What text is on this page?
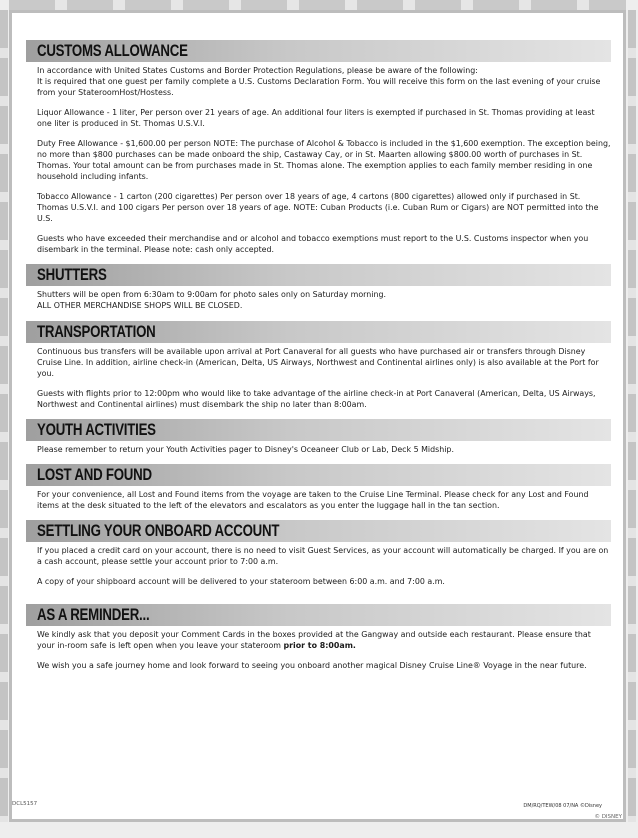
CUSTOMS ALLOWANCE

In accordance with United States Customs and Border Protection Regulations, please be aware of the following:

It is required that one guest per family complete a U.S. Customs Declaration Form. You will receive this form on the last evening of your cruise from your StateroomHost/Hostess.

Liquor Allowance - 1 liter, Per person over 21 years of age. An additional four liters is exempted if purchased in St. Thomas providing at least one liter is produced in St. Thomas U.S.V.I.

Duty Free Allowance - $1,600.00 per person NOTE: The purchase of Alcohol & Tobacco is included in the $1,600 exemption. The exception being, no more than $800 purchases can be made onboard the ship, Castaway Cay, or in St. Maarten allowing $800.00 worth of purchases in St. Thomas. Your total amount can be from purchases made in St. Thomas alone. The exemption applies to each family member residing in one household including infants.

Tobacco Allowance - 1 carton (200 cigarettes) Per person over 18 years of age, 4 cartons (800 cigarettes) allowed only if purchased in St. Thomas U.S.V.I. and 100 cigars Per person over 18 years of age. NOTE: Cuban Products (i.e. Cuban Rum or Cigars) are NOT permitted into the U.S.

Guests who have exceeded their merchandise and or alcohol and tobacco exemptions must report to the U.S. Customs inspector when you disembark in the terminal. Please note: cash only accepted.

SHUTTERS

Shutters will be open from 6:30am to 9:00am for photo sales only on Saturday morning.

ALL OTHER MERCHANDISE SHOPS WILL BE CLOSED.

TRANSPORTATION

Continuous bus transfers will be available upon arrival at Port Canaveral for all guests who have purchased air or transfers through Disney Cruise Line. In addition, airline check-in (American, Delta, US Airways, Northwest and Continental airlines only) is also available at the Port for you.

Guests with flights prior to 12:00pm who would like to take advantage of the airline check-in at Port Canaveral (American, Delta, US Airways, Northwest and Continental airlines) must disembark the ship no later than 8:00am.

YOUTH ACTIVITIES

Please remember to return your Youth Activities pager to Disney's Oceaneer Club or Lab, Deck 5 Midship.

LOST AND FOUND

For your convenience, all Lost and Found items from the voyage are taken to the Cruise Line Terminal. Please check for any Lost and Found items at the desk situated to the left of the elevators and escalators as you enter the luggage hall in the tan section.

SETTLING YOUR ONBOARD ACCOUNT

If you placed a credit card on your account, there is no need to visit Guest Services, as your account will automatically be charged. If you are on a cash account, please settle your account prior to 7:00 a.m.

A copy of your shipboard account will be delivered to your stateroom between 6:00 a.m. and 7:00 a.m.

AS A REMINDER...

We kindly ask that you deposit your Comment Cards in the boxes provided at the Gangway and outside each restaurant. Please ensure that your in-room safe is left open when you leave your stateroom prior to 8:00am.

We wish you a safe journey home and look forward to seeing you onboard another magical Disney Cruise Line® Voyage in the near future.

DCL5157	DM/RQ/TEW/08 07/NA ©Disney
© DISNEY
